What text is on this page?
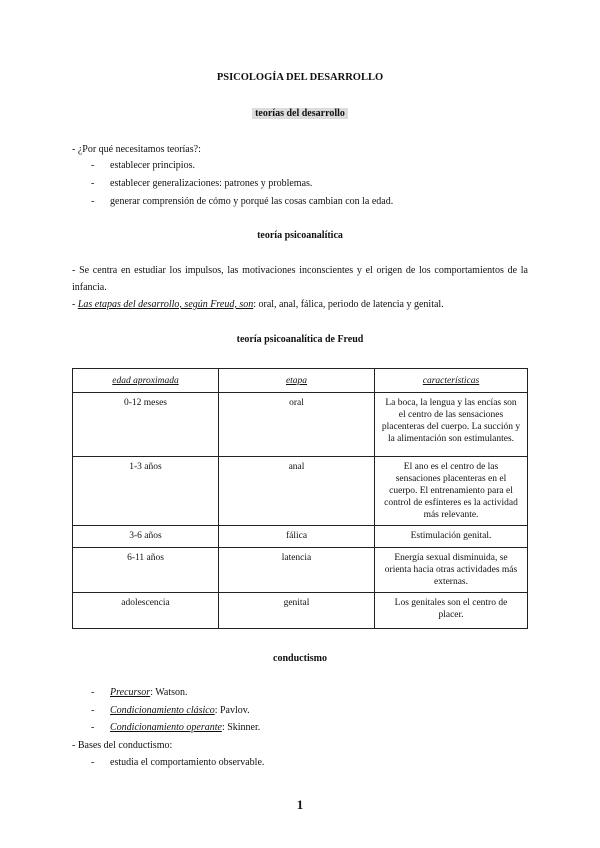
PSICOLOGÍA DEL DESARROLLO
teorías del desarrollo
- ¿Por qué necesitamos teorías?:
- establecer principios.
- establecer generalizaciones: patrones y problemas.
- generar comprensión de cómo y porqué las cosas cambian con la edad.
teoría psicoanalítica
- Se centra en estudiar los impulsos, las motivaciones inconscientes y el origen de los comportamientos de la
infancia.
- Las etapas del desarrollo, según Freud, son: oral, anal, fálica, periodo de latencia y genital.
teoría psicoanalítica de Freud
edad aproximada	etapa	características
0-12 meses	oral	La boca, la lengua y las encías son el centro de las sensaciones placenteras del cuerpo. La succión y la alimentación son estimulantes.
1-3 años	anal	El ano es el centro de las sensaciones placenteras en el cuerpo. El entrenamiento para el control de esfínteres es la actividad más relevante.
3-6 años	fálica	Estimulación genital.
6-11 años	latencia	Energía sexual disminuida, se orienta hacia otras actividades más externas.
adolescencia	genital	Los genitales son el centro de placer.
conductismo
- Precursor: Watson.
- Condicionamiento clásico: Pavlov.
- Condicionamiento operante: Skinner.
- Bases del conductismo:
- estudia el comportamiento observable.
1
